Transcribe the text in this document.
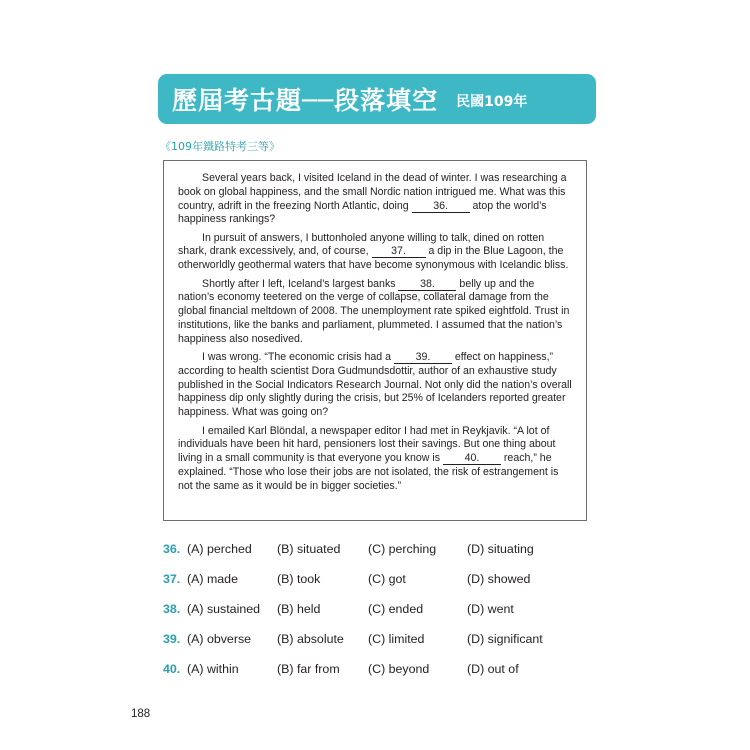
歷屆考古題──段落填空 民國109年
《109年鐵路特考三等》

Several years back, I visited Iceland in the dead of winter. I was researching a book on global happiness, and the small Nordic nation intrigued me. What was this country, adrift in the freezing North Atlantic, doing 36. atop the world’s happiness rankings?

In pursuit of answers, I buttonholed anyone willing to talk, dined on rotten shark, drank excessively, and, of course, 37. a dip in the Blue Lagoon, the otherworldly geothermal waters that have become synonymous with Icelandic bliss.

Shortly after I left, Iceland’s largest banks 38. belly up and the nation’s economy teetered on the verge of collapse, collateral damage from the global financial meltdown of 2008. The unemployment rate spiked eightfold. Trust in institutions, like the banks and parliament, plummeted. I assumed that the nation’s happiness also nosedived.

I was wrong. “The economic crisis had a 39. effect on happiness,” according to health scientist Dora Gudmundsdottir, author of an exhaustive study published in the Social Indicators Research Journal. Not only did the nation’s overall happiness dip only slightly during the crisis, but 25% of Icelanders reported greater happiness. What was going on?

I emailed Karl Blöndal, a newspaper editor I had met in Reykjavik. “A lot of individuals have been hit hard, pensioners lost their savings. But one thing about living in a small community is that everyone you know is 40. reach,” he explained. “Those who lose their jobs are not isolated, the risk of estrangement is not the same as it would be in bigger societies.”

36. (A) perched (B) situated (C) perching (D) situating
37. (A) made	(B) took	(C) got	(D) showed
38. (A) sustained (B) held	(C) ended	(D) went
39. (A) obverse (B) absolute (C) limited	(D) significant
40. (A) within	(B) far from (C) beyond	(D) out of
188
